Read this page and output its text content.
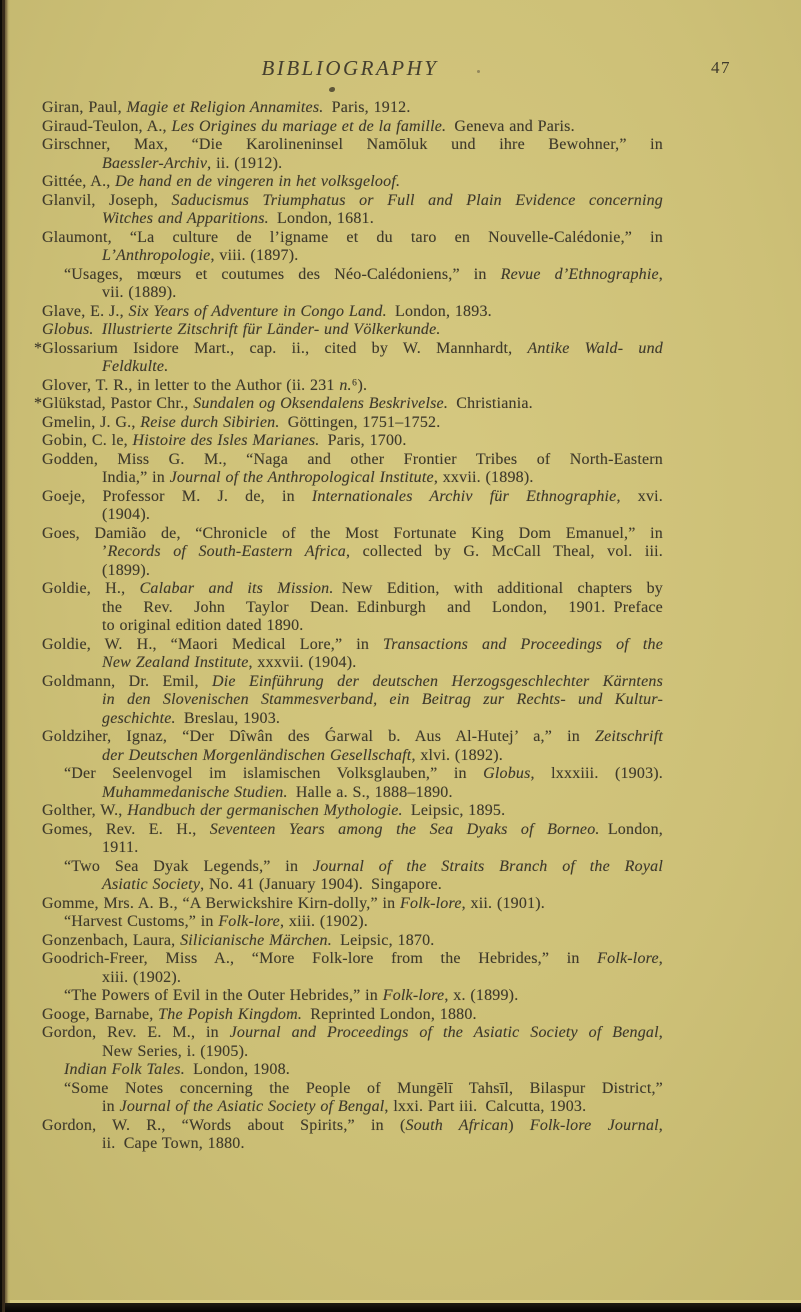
BIBLIOGRAPHY	47
Giran, Paul, Magie et Religion Annamites. Paris, 1912.
Giraud-Teulon, A., Les Origines du mariage et de la famille. Geneva and Paris.
Girschner, Max, “Die Karolineninsel Namōluk und ihre Bewohner,” in
Baessler-Archiv, ii. (1912).
Gittée, A., De hand en de vingeren in het volksgeloof.
Glanvil, Joseph, Saducismus Triumphatus or Full and Plain Evidence concerning
Witches and Apparitions. London, 1681.
Glaumont, “La culture de l’igname et du taro en Nouvelle-Calédonie,” in
L’Anthropologie, viii. (1897).
“Usages, mœurs et coutumes des Néo-Calédoniens,” in Revue d’Ethnographie,
vii. (1889).
Glave, E. J., Six Years of Adventure in Congo Land. London, 1893.
Globus. Illustrierte Zitschrift für Länder- und Völkerkunde.
*Glossarium Isidore Mart., cap. ii., cited by W. Mannhardt, Antike Wald- und
Feldkulte.
Glover, T. R., in letter to the Author (ii. 231 n.⁶).
*Glükstad, Pastor Chr., Sundalen og Oksendalens Beskrivelse. Christiania.
Gmelin, J. G., Reise durch Sibirien. Göttingen, 1751–1752.
Gobin, C. le, Histoire des Isles Marianes. Paris, 1700.
Godden, Miss G. M., “Naga and other Frontier Tribes of North-Eastern
India,” in Journal of the Anthropological Institute, xxvii. (1898).
Goeje, Professor M. J. de, in Internationales Archiv für Ethnographie, xvi.
(1904).
Goes, Damião de, “Chronicle of the Most Fortunate King Dom Emanuel,” in
’Records of South-Eastern Africa, collected by G. McCall Theal, vol. iii.
(1899).
Goldie, H., Calabar and its Mission. New Edition, with additional chapters by
the Rev. John Taylor Dean. Edinburgh and London, 1901. Preface
to original edition dated 1890.
Goldie, W. H., “Maori Medical Lore,” in Transactions and Proceedings of the
New Zealand Institute, xxxvii. (1904).
Goldmann, Dr. Emil, Die Einführung der deutschen Herzogsgeschlechter Kärntens
in den Slovenischen Stammesverband, ein Beitrag zur Rechts- und Kultur-
geschichte. Breslau, 1903.
Goldziher, Ignaz, “Der Dîwân des Ǵarwal b. Aus Al-Hutej’ a,” in Zeitschrift
der Deutschen Morgenländischen Gesellschaft, xlvi. (1892).
“Der Seelenvogel im islamischen Volksglauben,” in Globus, lxxxiii. (1903).
Muhammedanische Studien. Halle a. S., 1888–1890.
Golther, W., Handbuch der germanischen Mythologie. Leipsic, 1895.
Gomes, Rev. E. H., Seventeen Years among the Sea Dyaks of Borneo. London,
1911.
“Two Sea Dyak Legends,” in Journal of the Straits Branch of the Royal
Asiatic Society, No. 41 (January 1904). Singapore.
Gomme, Mrs. A. B., “A Berwickshire Kirn-dolly,” in Folk-lore, xii. (1901).
“Harvest Customs,” in Folk-lore, xiii. (1902).
Gonzenbach, Laura, Silicianische Märchen. Leipsic, 1870.
Goodrich-Freer, Miss A., “More Folk-lore from the Hebrides,” in Folk-lore,
xiii. (1902).
“The Powers of Evil in the Outer Hebrides,” in Folk-lore, x. (1899).
Googe, Barnabe, The Popish Kingdom. Reprinted London, 1880.
Gordon, Rev. E. M., in Journal and Proceedings of the Asiatic Society of Bengal,
New Series, i. (1905).
Indian Folk Tales. London, 1908.
“Some Notes concerning the People of Mungēlī Tahsīl, Bilaspur District,”
in Journal of the Asiatic Society of Bengal, lxxi. Part iii. Calcutta, 1903.
Gordon, W. R., “Words about Spirits,” in (South African) Folk-lore Journal,
ii. Cape Town, 1880.
